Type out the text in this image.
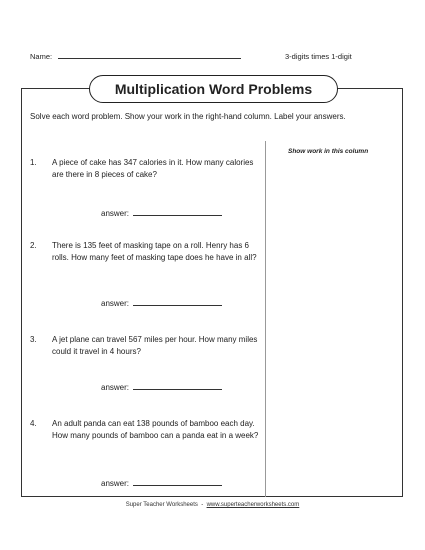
Name:	3-digits times 1-digit
Multiplication Word Problems
Solve each word problem. Show your work in the right-hand column. Label your answers.
Show work in this column
1. A piece of cake has 347 calories in it. How many calories are there in 8 pieces of cake?
answer:
2. There is 135 feet of masking tape on a roll. Henry has 6 rolls. How many feet of masking tape does he have in all?
answer:
3. A jet plane can travel 567 miles per hour. How many miles could it travel in 4 hours?
answer:
4. An adult panda can eat 138 pounds of bamboo each day. How many pounds of bamboo can a panda eat in a week?
answer:
Super Teacher Worksheets - www.superteacherworksheets.com
